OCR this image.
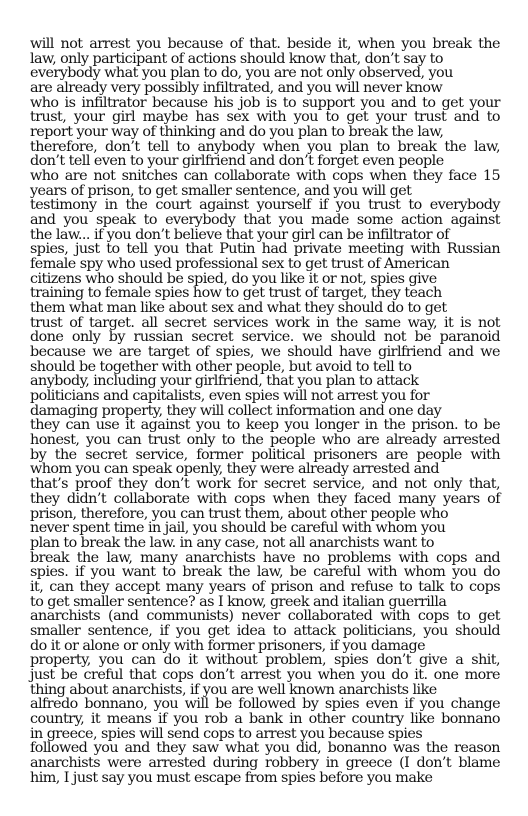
will not arrest you because of that. beside it, when you break the
law, only participant of actions should know that, don’t say to
everybody what you plan to do, you are not only observed, you
are already very possibly infiltrated, and you will never know
who is infiltrator because his job is to support you and to get your
trust, your girl maybe has sex with you to get your trust and to
report your way of thinking and do you plan to break the law,
therefore, don’t tell to anybody when you plan to break the law,
don’t tell even to your girlfriend and don’t forget even people
who are not snitches can collaborate with cops when they face 15
years of prison, to get smaller sentence, and you will get
testimony in the court against yourself if you trust to everybody
and you speak to everybody that you made some action against
the law... if you don’t believe that your girl can be infiltrator of
spies, just to tell you that Putin had private meeting with Russian
female spy who used professional sex to get trust of American
citizens who should be spied, do you like it or not, spies give
training to female spies how to get trust of target, they teach
them what man like about sex and what they should do to get
trust of target. all secret services work in the same way, it is not
done only by russian secret service. we should not be paranoid
because we are target of spies, we should have girlfriend and we
should be together with other people, but avoid to tell to
anybody, including your girlfriend, that you plan to attack
politicians and capitalists, even spies will not arrest you for
damaging property, they will collect information and one day
they can use it against you to keep you longer in the prison. to be
honest, you can trust only to the people who are already arrested
by the secret service, former political prisoners are people with
whom you can speak openly, they were already arrested and
that’s proof they don’t work for secret service, and not only that,
they didn’t collaborate with cops when they faced many years of
prison, therefore, you can trust them, about other people who
never spent time in jail, you should be careful with whom you
plan to break the law. in any case, not all anarchists want to
break the law, many anarchists have no problems with cops and
spies. if you want to break the law, be careful with whom you do
it, can they accept many years of prison and refuse to talk to cops
to get smaller sentence? as I know, greek and italian guerrilla
anarchists (and communists) never collaborated with cops to get
smaller sentence, if you get idea to attack politicians, you should
do it or alone or only with former prisoners, if you damage
property, you can do it without problem, spies don’t give a shit,
just be creful that cops don’t arrest you when you do it. one more
thing about anarchists, if you are well known anarchists like
alfredo bonnano, you will be followed by spies even if you change
country, it means if you rob a bank in other country like bonnano
in greece, spies will send cops to arrest you because spies
followed you and they saw what you did, bonanno was the reason
anarchists were arrested during robbery in greece (I don’t blame
him, I just say you must escape from spies before you make
